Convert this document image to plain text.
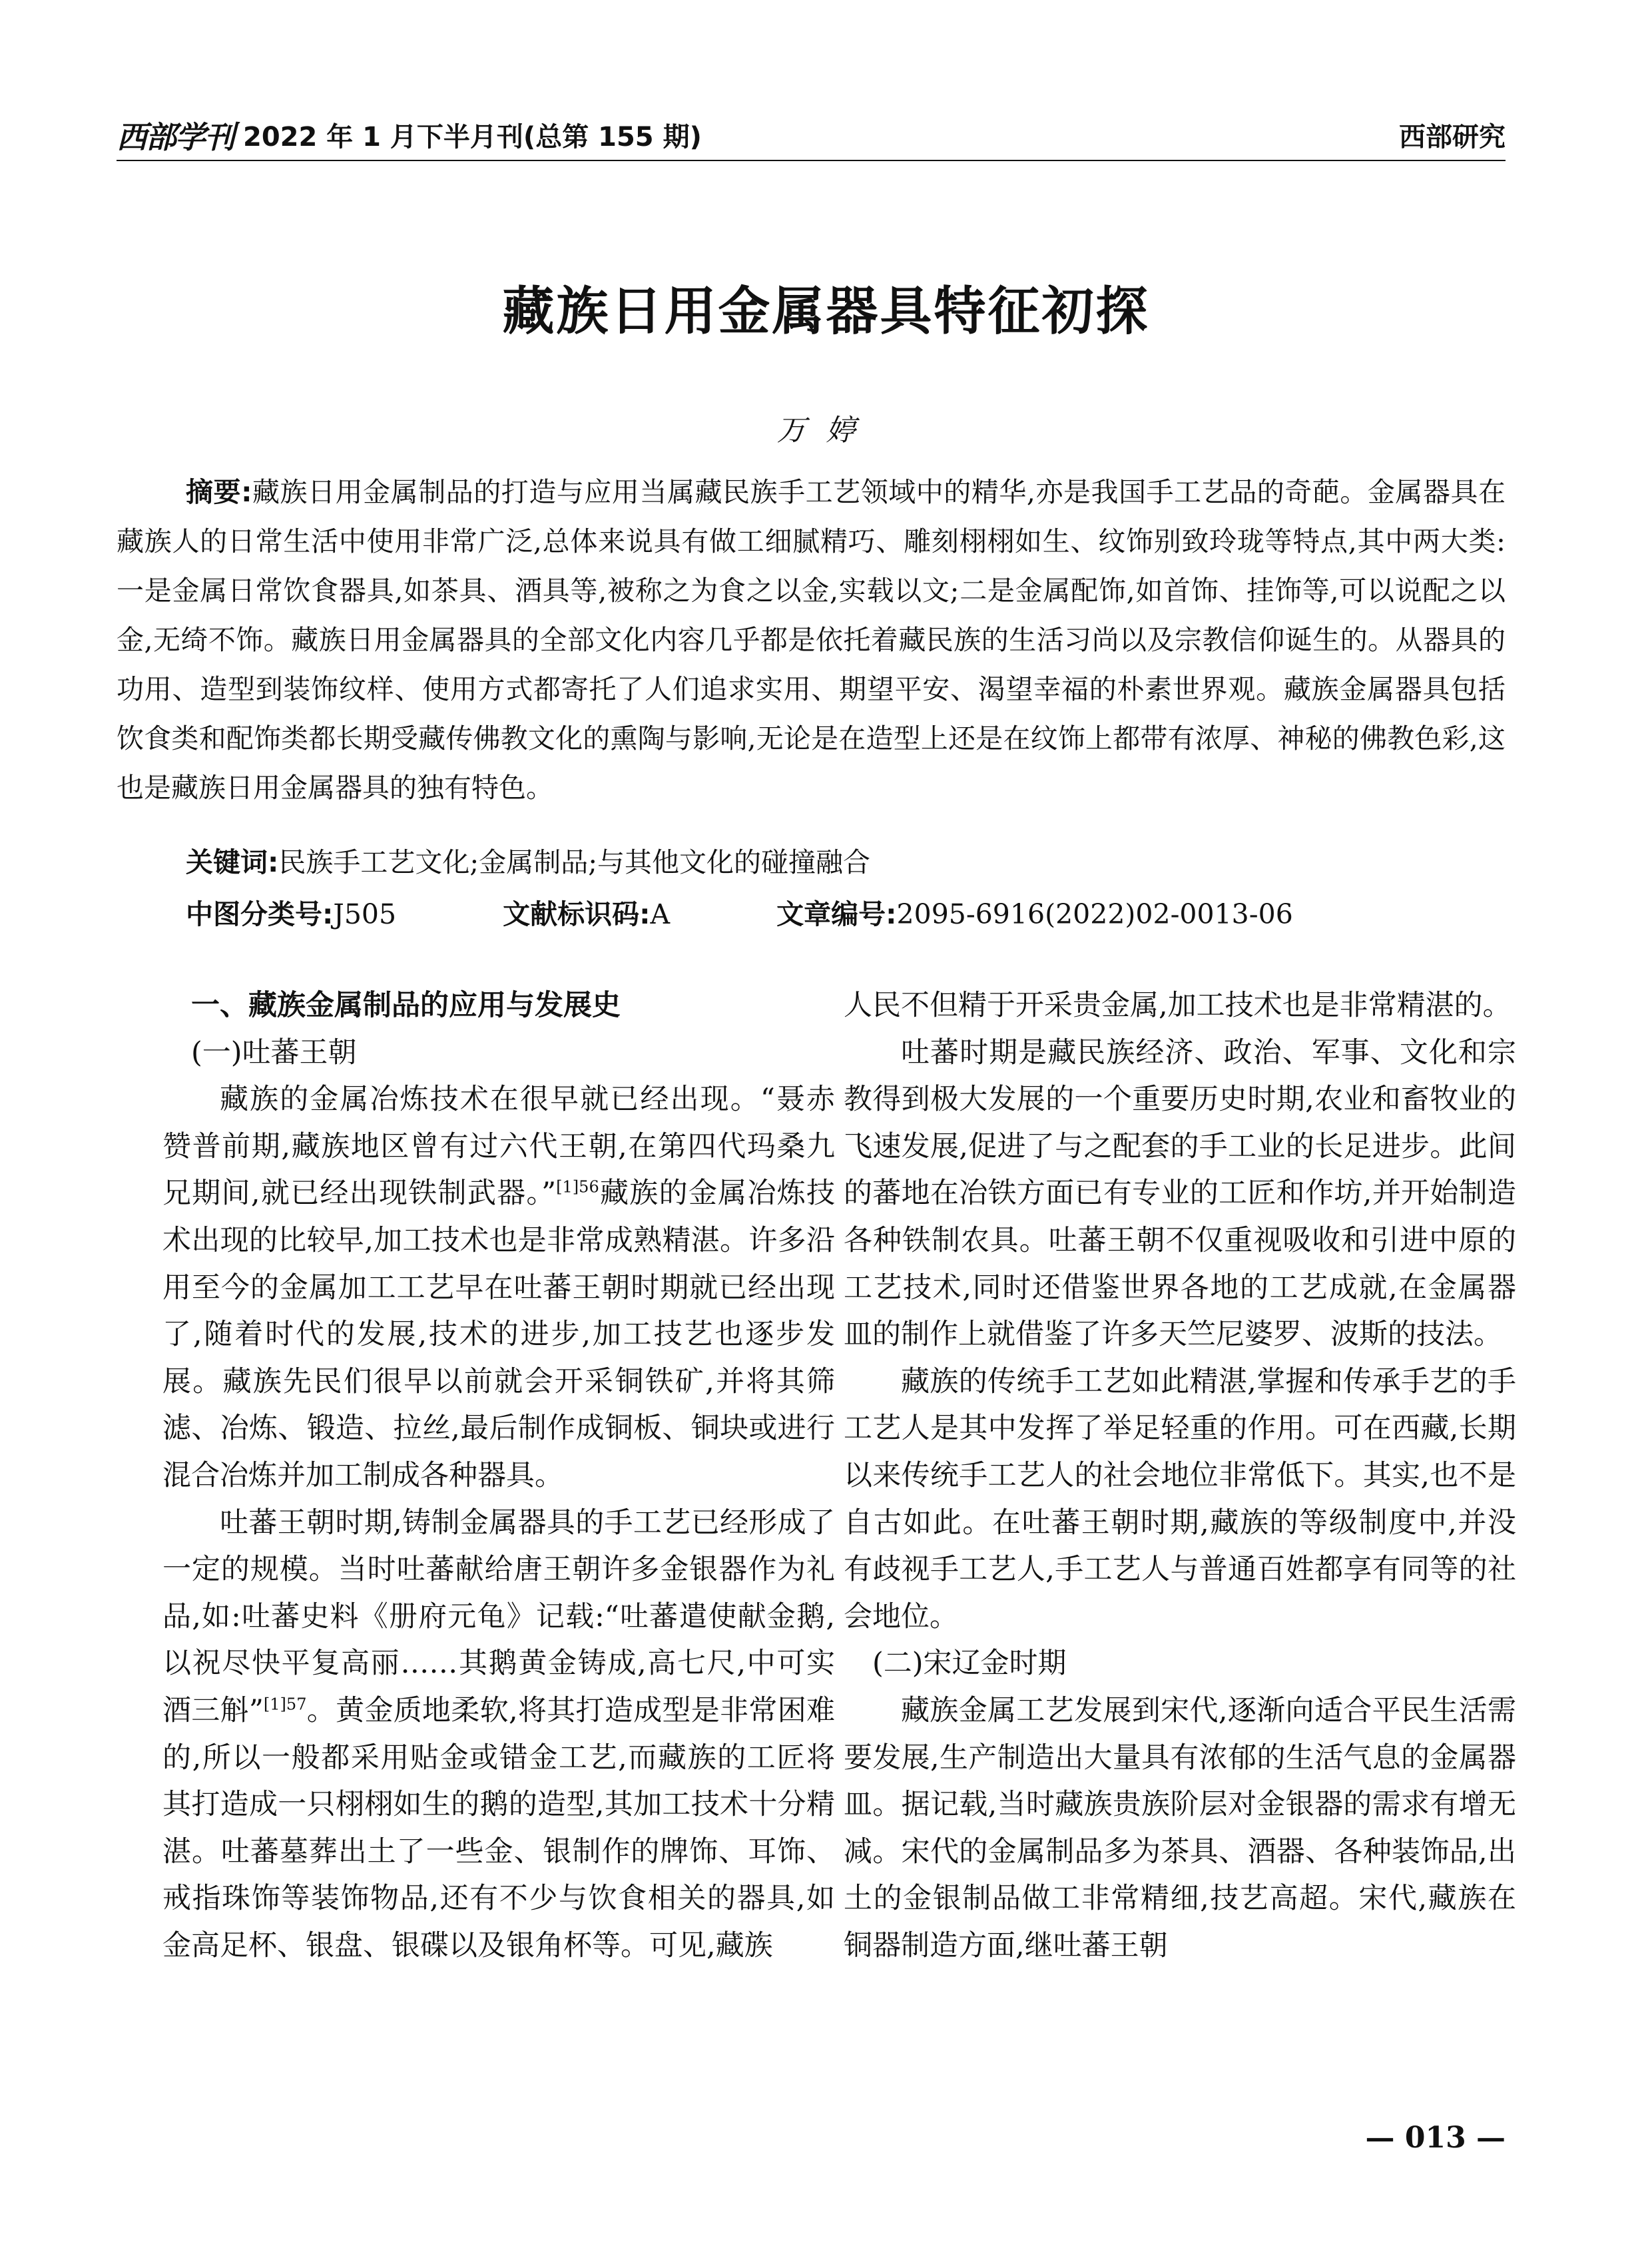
西部学刊 2022 年 1 月下半月刊(总第 155 期)	西部研究
藏族日用金属器具特征初探
万婷

摘要:藏族日用金属制品的打造与应用当属藏民族手工艺领域中的精华,亦是我国手工艺品的奇葩。金属器具在藏族人的日常生活中使用非常广泛,总体来说具有做工细腻精巧、雕刻栩栩如生、纹饰别致玲珑等特点,其中两大类:一是金属日常饮食器具,如茶具、酒具等,被称之为食之以金,实载以文;二是金属配饰,如首饰、挂饰等,可以说配之以金,无绮不饰。藏族日用金属器具的全部文化内容几乎都是依托着藏民族的生活习尚以及宗教信仰诞生的。从器具的功用、造型到装饰纹样、使用方式都寄托了人们追求实用、期望平安、渴望幸福的朴素世界观。藏族金属器具包括饮食类和配饰类都长期受藏传佛教文化的熏陶与影响,无论是在造型上还是在纹饰上都带有浓厚、神秘的佛教色彩,这也是藏族日用金属器具的独有特色。

关键词:民族手工艺文化;金属制品;与其他文化的碰撞融合
中图分类号:J505	文献标识码:A	文章编号:2095-6916(2022)02-0013-06

一、藏族金属制品的应用与发展史

(一)吐蕃王朝

藏族的金属冶炼技术在很早就已经出现。“聂赤赞普前期,藏族地区曾有过六代王朝,在第四代玛桑九兄期间,就已经出现铁制武器。”$^{[1]56}$藏族的金属冶炼技术出现的比较早,加工技术也是非常成熟精湛。许多沿用至今的金属加工工艺早在吐蕃王朝时期就已经出现了,随着时代的发展,技术的进步,加工技艺也逐步发展。藏族先民们很早以前就会开采铜铁矿,并将其筛滤、冶炼、锻造、拉丝,最后制作成铜板、铜块或进行混合冶炼并加工制成各种器具。

吐蕃王朝时期,铸制金属器具的手工艺已经形成了一定的规模。当时吐蕃献给唐王朝许多金银器作为礼品,如:吐蕃史料《册府元龟》记载:“吐蕃遣使献金鹅,以祝尽快平复高丽……其鹅黄金铸成,高七尺,中可实酒三斛”$^{[1]57}$。黄金质地柔软,将其打造成型是非常困难的,所以一般都采用贴金或错金工艺,而藏族的工匠将其打造成一只栩栩如生的鹅的造型,其加工技术十分精湛。吐蕃墓葬出土了一些金、银制作的牌饰、耳饰、戒指珠饰等装饰物品,还有不少与饮食相关的器具,如金高足杯、银盘、银碟以及银角杯等。可见,藏族

人民不但精于开采贵金属,加工技术也是非常精湛的。

吐蕃时期是藏民族经济、政治、军事、文化和宗教得到极大发展的一个重要历史时期,农业和畜牧业的飞速发展,促进了与之配套的手工业的长足进步。此间的蕃地在冶铁方面已有专业的工匠和作坊,并开始制造各种铁制农具。吐蕃王朝不仅重视吸收和引进中原的工艺技术,同时还借鉴世界各地的工艺成就,在金属器皿的制作上就借鉴了许多天竺尼婆罗、波斯的技法。

藏族的传统手工艺如此精湛,掌握和传承手艺的手工艺人是其中发挥了举足轻重的作用。可在西藏,长期以来传统手工艺人的社会地位非常低下。其实,也不是自古如此。在吐蕃王朝时期,藏族的等级制度中,并没有歧视手工艺人,手工艺人与普通百姓都享有同等的社会地位。

(二)宋辽金时期

藏族金属工艺发展到宋代,逐渐向适合平民生活需要发展,生产制造出大量具有浓郁的生活气息的金属器皿。据记载,当时藏族贵族阶层对金银器的需求有增无减。宋代的金属制品多为茶具、酒器、各种装饰品,出土的金银制品做工非常精细,技艺高超。宋代,藏族在铜器制造方面,继吐蕃王朝

— 013 —
